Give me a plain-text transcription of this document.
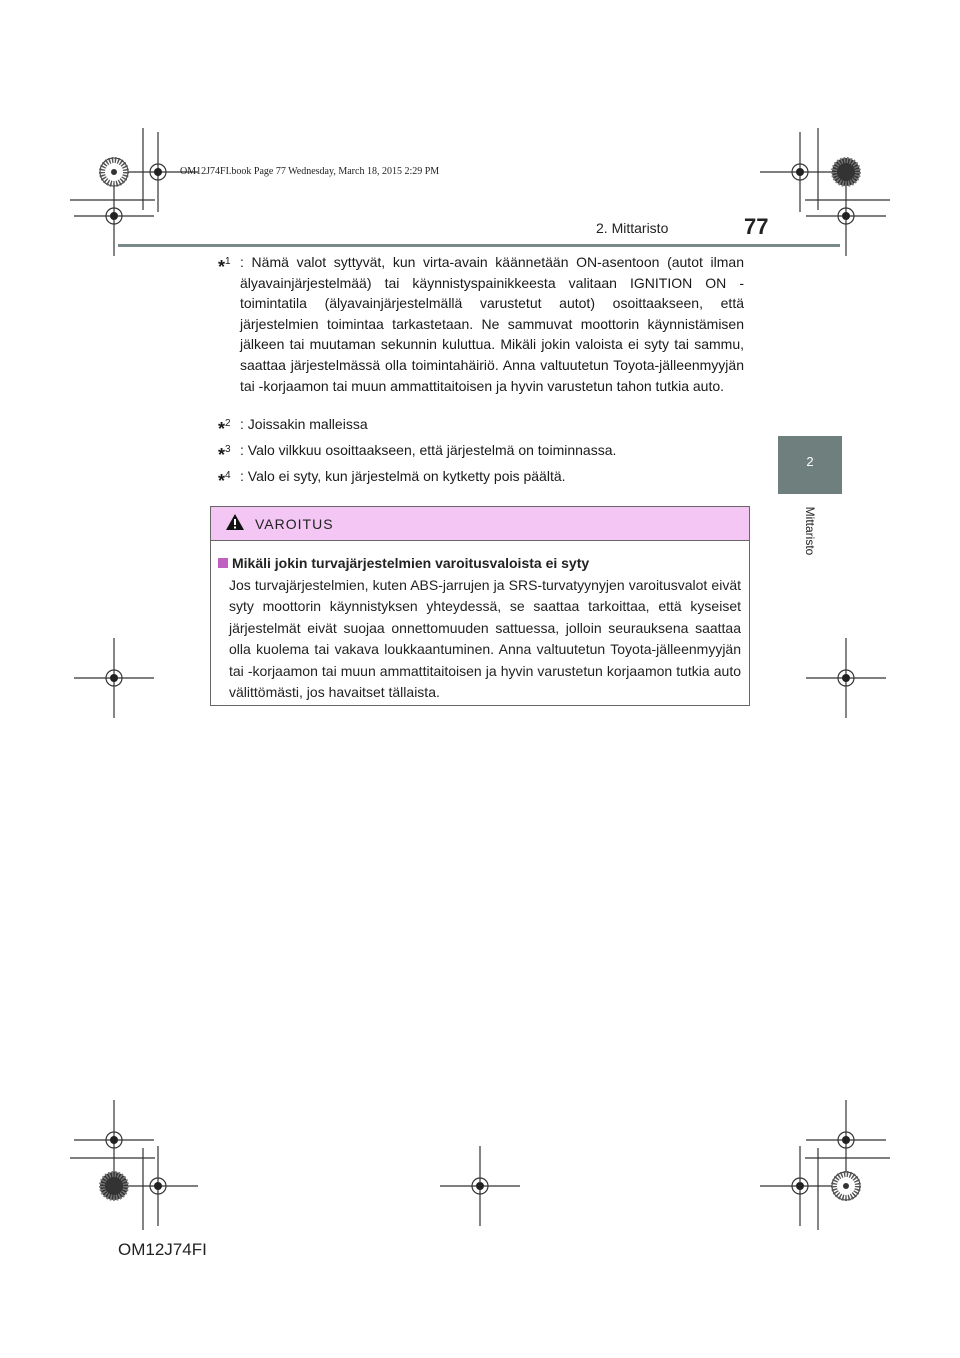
OM12J74FI.book Page 77 Wednesday, March 18, 2015 2:29 PM
2. Mittaristo	77
2
Mittaristo
*$^1$ : Nämä valot syttyvät, kun virta-avain käännetään ON-asentoon (autot ilman älyavainjärjestelmää) tai käynnistyspainikkeesta valitaan IGNITION ON -toimintatila (älyavainjärjestelmällä varustetut autot) osoittaakseen, että järjestelmien toimintaa tarkastetaan. Ne sammuvat moottorin käynnistämisen jälkeen tai muutaman sekunnin kuluttua. Mikäli jokin valoista ei syty tai sammu, saattaa järjestelmässä olla toimintahäiriö. Anna valtuutetun Toyota-jälleenmyyjän tai -korjaamon tai muun ammattitaitoisen ja hyvin varustetun tahon tutkia auto.
*$^2$ : Joissakin malleissa
*$^3$ : Valo vilkkuu osoittaakseen, että järjestelmä on toiminnassa.
*$^4$ : Valo ei syty, kun järjestelmä on kytketty pois päältä.
VAROITUS
Mikäli jokin turvajärjestelmien varoitusvaloista ei syty
Jos turvajärjestelmien, kuten ABS-jarrujen ja SRS-turvatyynyjen varoitusvalot eivät syty moottorin käynnistyksen yhteydessä, se saattaa tarkoittaa, että kyseiset järjestelmät eivät suojaa onnettomuuden sattuessa, jolloin seurauksena saattaa olla kuolema tai vakava loukkaantuminen. Anna valtuutetun Toyota-jälleenmyyjän tai -korjaamon tai muun ammattitaitoisen ja hyvin varustetun korjaamon tutkia auto välittömästi, jos havaitset tällaista.
OM12J74FI
